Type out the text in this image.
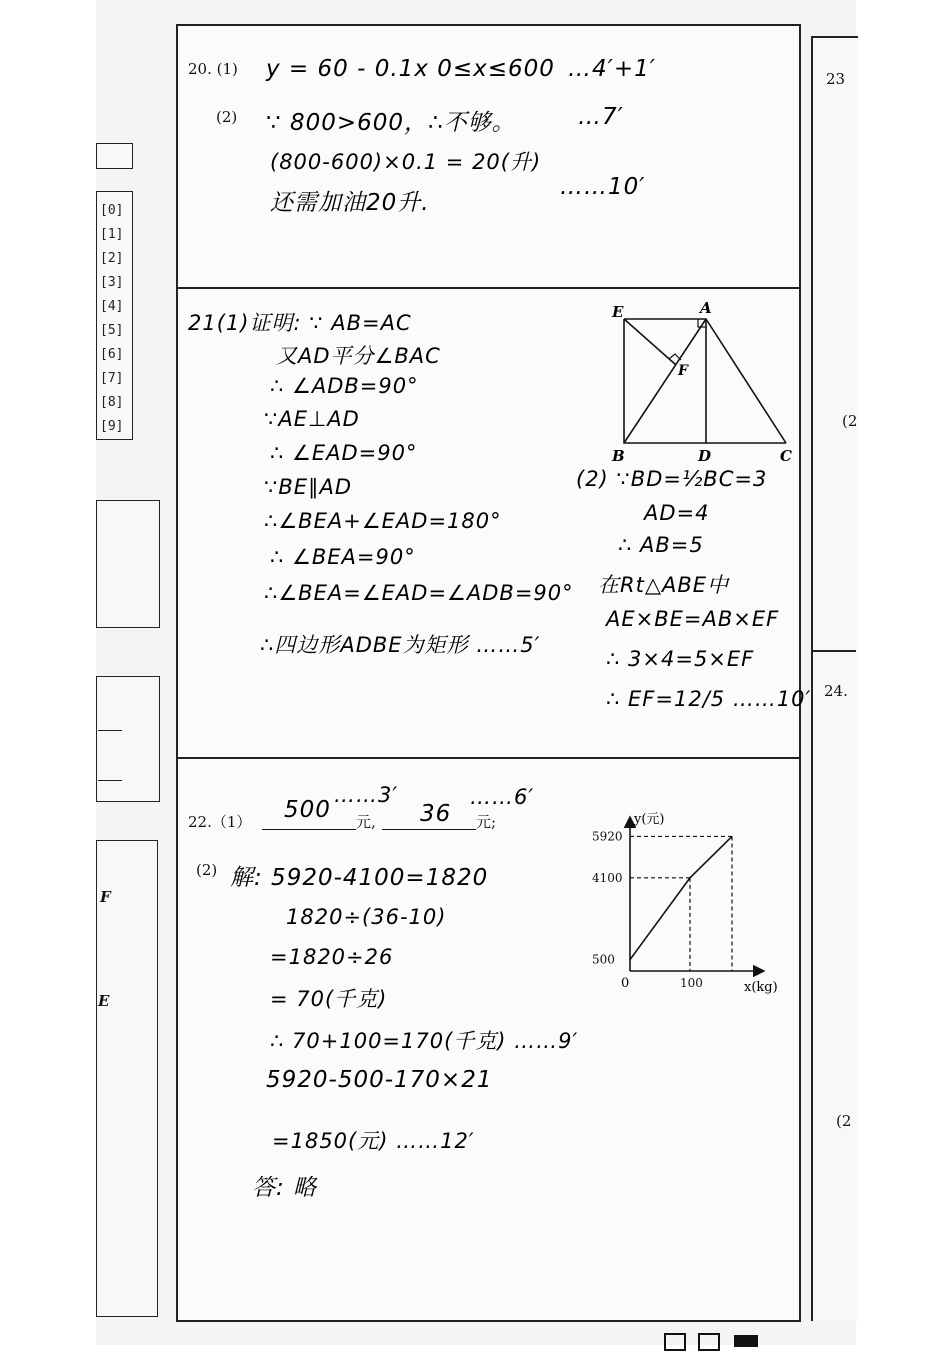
[0]
[1]
[2]
[3]
[4]
[5]
[6]
[7]
[8]
[9]
F
E
23
(2
24.
(2
20. (1) y = 60 - 0.1x 0≤x≤600 …4′+1′
(2) ∵ 800>600，∴不够。	…7′
(800-600)×0.1 = 20(升)
还需加油20升.
……10′
21(1)证明: ∵ AB=AC
又AD平分∠BAC
∴ ∠ADB=90°
∵AE⊥AD
∴ ∠EAD=90°
∵BE∥AD
∴∠BEA+∠EAD=180°
∴ ∠BEA=90°
∴∠BEA=∠EAD=∠ADB=90°
∴四边形ADBE为矩形 ……5′
E	A
F
B	D	C
(2) ∵BD=½BC=3
AD=4
∴ AB=5
在Rt△ABE中
AE×BE=AB×EF
∴ 3×4=5×EF
∴ EF=12/5 ……10′
22.（1） 500
……3′
元, 36 元;
……6′
(2) 解: 5920-4100=1820
1820÷(36-10)
=1820÷26
= 70(千克)
∴ 70+100=170(千克) ……9′
5920-500-170×21
=1850(元) ……12′
答: 略
5920
4100
500
100
y(元)
x(kg)
0
